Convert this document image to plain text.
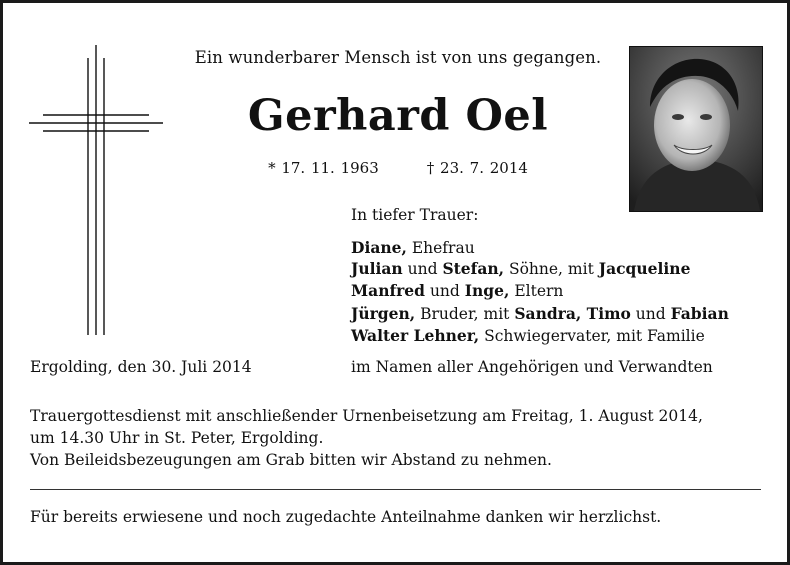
Ein wunderbarer Mensch ist von uns gegangen.
Gerhard Oel
* 17. 11. 1963	† 23. 7. 2014
In tiefer Trauer:
Diane, Ehefrau
Julian und Stefan, Söhne, mit Jacqueline
Manfred und Inge, Eltern
Jürgen, Bruder, mit Sandra, Timo und Fabian
Walter Lehner, Schwiegervater, mit Familie
im Namen aller Angehörigen und Verwandten
Ergolding, den 30. Juli 2014
Trauergottesdienst mit anschließender Urnenbeisetzung am Freitag, 1. August 2014,
um 14.30 Uhr in St. Peter, Ergolding.
Von Beileidsbezeugungen am Grab bitten wir Abstand zu nehmen.
Für bereits erwiesene und noch zugedachte Anteilnahme danken wir herzlichst.
